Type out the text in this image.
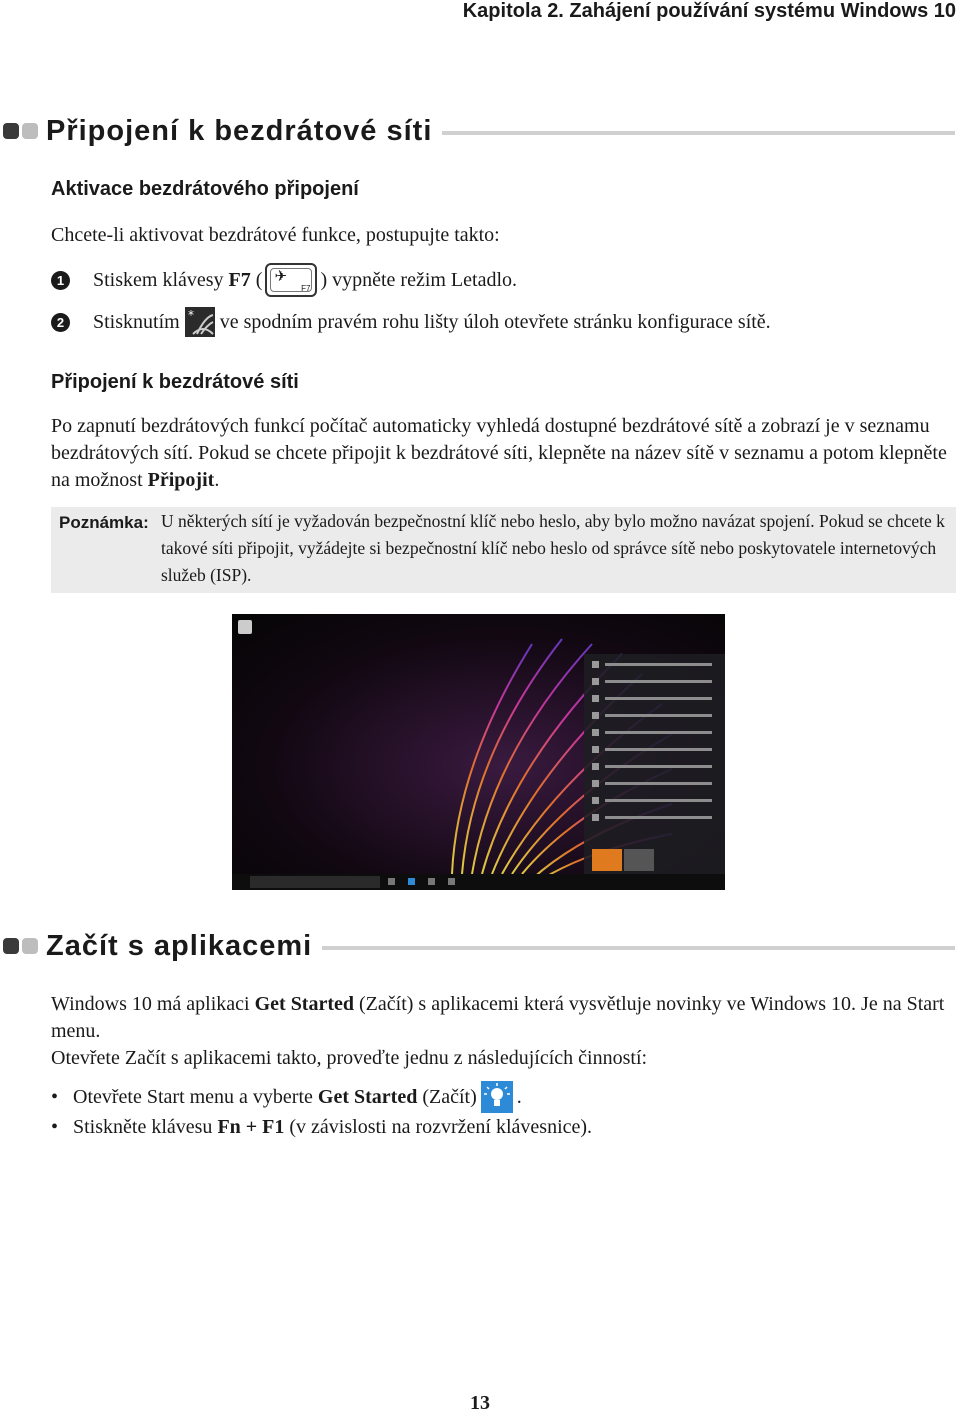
Kapitola 2. Zahájení používání systému Windows 10
Připojení k bezdrátové síti
Aktivace bezdrátového připojení
Chcete-li aktivovat bezdrátové funkce, postupujte takto:
1 Stiskem klávesy F7 ( ✈
F7 ) vypněte režim Letadlo.
2 Stisknutím * ve spodním pravém rohu lišty úloh otevřete stránku konfigurace sítě.
Připojení k bezdrátové síti
Po zapnutí bezdrátových funkcí počítač automaticky vyhledá dostupné bezdrátové sítě a zobrazí je v seznamu bezdrátových sítí. Pokud se chcete připojit k bezdrátové síti, klepněte na název sítě v seznamu a potom klepněte na možnost Připojit.
Poznámka: U některých sítí je vyžadován bezpečnostní klíč nebo heslo, aby bylo možno navázat spojení. Pokud se chcete k takové síti připojit, vyžádejte si bezpečnostní klíč nebo heslo od správce sítě nebo poskytovatele internetových služeb (ISP).
Začít s aplikacemi
Windows 10 má aplikaci Get Started (Začít) s aplikacemi která vysvětluje novinky ve Windows 10. Je na Start menu.
Otevřete Začít s aplikacemi takto, proveďte jednu z následujících činností:
• Otevřete Start menu a vyberte Get Started (Začít) .
• Stiskněte klávesu Fn + F1 (v závislosti na rozvržení klávesnice).
13
